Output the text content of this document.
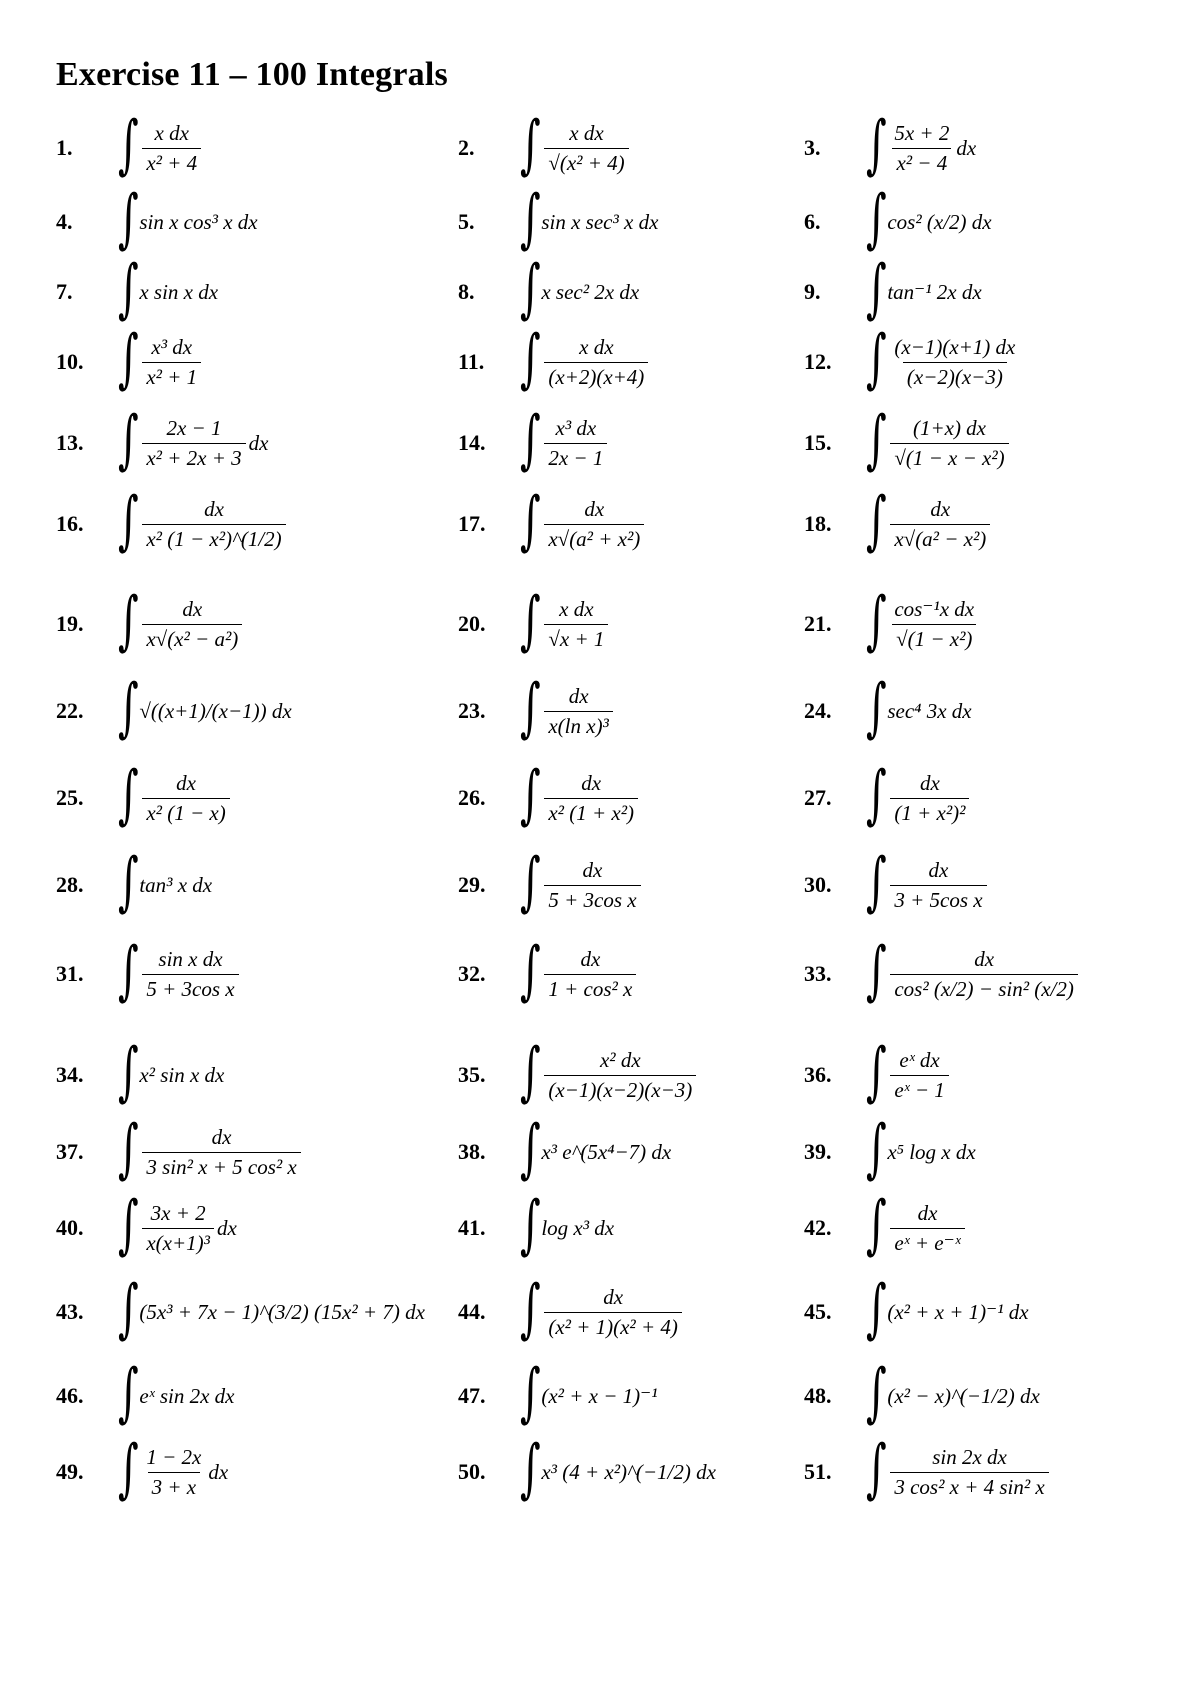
Exercise 11 – 100 Integrals
1. ∫ $\frac{\text{x dx}}{\text{x² + 4}}$	2. ∫ $\frac{\text{x dx}}{\text{√(x² + 4)}}$	3. ∫ $\frac{5x + 2}{\text{x² − 4}}$ dx
4. ∫ sin x cos³ x dx	5. ∫ sin x sec³ x dx	6. ∫ cos² (x/2) dx
7. ∫ x sin x dx	8. ∫ x sec² 2x dx	9. ∫ tan⁻¹ 2x dx
10. ∫ $\frac{\text{x³ dx}}{\text{x² + 1}}$	11. ∫ $\frac{\text{x dx}}{(x+2)(x+4)}$	12. ∫ $\frac{(x-1)(x+1) dx}{(x-2)(x-3)}$
13. ∫ $\frac{2x - 1}{\text{x² + 2x + 3}}$ dx	14. ∫ $\frac{\text{x³ dx}}{2x - 1}$	15. ∫ $\frac{(1+x) dx}{\text{√(1 − x − x²)}}$
16. ∫ $\frac{dx}{\text{x² (1 − x²)\textasciicircum{}(1/2)}}$	17. ∫ $\frac{dx}{\text{x√(a² + x²)}}$	18. ∫ $\frac{dx}{\text{x√(a² − x²)}}$
19. ∫ $\frac{dx}{\text{x√(x² − a²)}}$	20. ∫ $\frac{\text{x dx}}{√x + 1}$	21. ∫ $\frac{\text{cos⁻¹x dx}}{\text{√(1 − x²)}}$
22. ∫ √((x+1)/(x−1)) dx	23. ∫ $\frac{dx}{\text{x(ln x)³}}$	24. ∫ sec⁴ 3x dx
25. ∫ $\frac{dx}{\text{x² (1 − x)}}$	26. ∫ $\frac{dx}{\text{x² (1 + x²)}}$	27. ∫ $\frac{dx}{\text{(1 + x²)²}}$
28. ∫ tan³ x dx	29. ∫ $\frac{dx}{\text{5 + 3cos x}}$	30. ∫ $\frac{dx}{\text{3 + 5cos x}}$
31. ∫ $\frac{\text{sin x dx}}{\text{5 + 3cos x}}$	32. ∫ $\frac{dx}{\text{1 + cos² x}}$	33. ∫ $\frac{dx}{\text{cos² (x/2) − sin² (x/2)}}$
34. ∫ x² sin x dx	35. ∫ $\frac{\text{x² dx}}{(x-1)(x-2)(x-3)}$	36. ∫ $\frac{\text{eˣ dx}}{\text{eˣ − 1}}$
37. ∫ $\frac{dx}{\text{3 sin² x + 5 cos² x}}$	38. ∫ x³ e^(5x⁴−7) dx	39. ∫ x⁵ log x dx
40. ∫ $\frac{3x + 2}{\text{x(x+1)³}}$ dx	41. ∫ log x³ dx	42. ∫ $\frac{dx}{\text{eˣ + e⁻ˣ}}$
43. ∫ (5x³ + 7x − 1)^(3/2) (15x² + 7) dx 44. ∫ $\frac{dx}{\text{(x² + 1)(x² + 4)}}$	45. ∫ (x² + x + 1)⁻¹ dx
46. ∫ eˣ sin 2x dx	47. ∫ (x² + x − 1)⁻¹	48. ∫ (x² − x)^(−1/2) dx
49. ∫ $\frac{1 - 2x}{3 + x}$ dx	50. ∫ x³ (4 + x²)^(−1/2) dx	51. ∫ $\frac{\text{sin 2x dx}}{\text{3 cos² x + 4 sin² x}}$
